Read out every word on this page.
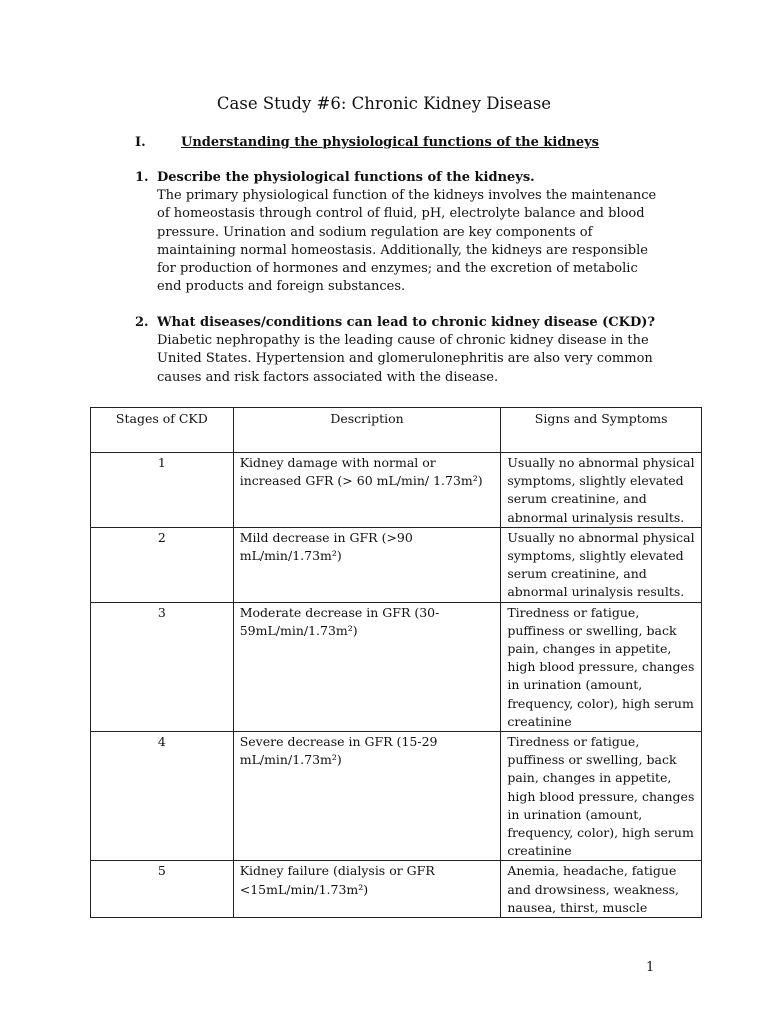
Case Study #6: Chronic Kidney Disease
I.	Understanding the physiological functions of the kidneys
1. Describe the physiological functions of the kidneys.
The primary physiological function of the kidneys involves the maintenance of homeostasis through control of fluid, pH, electrolyte balance and blood pressure. Urination and sodium regulation are key components of maintaining normal homeostasis. Additionally, the kidneys are responsible for production of hormones and enzymes; and the excretion of metabolic end products and foreign substances.
2. What diseases/conditions can lead to chronic kidney disease (CKD)?
Diabetic nephropathy is the leading cause of chronic kidney disease in the United States. Hypertension and glomerulonephritis are also very common causes and risk factors associated with the disease.
Stages of CKD	Description	Signs and Symptoms
1	Kidney damage with normal or increased GFR (> 60 mL/min/ 1.73m²)	Usually no abnormal physical symptoms, slightly elevated serum creatinine, and abnormal urinalysis results.
2	Mild decrease in GFR (>90 mL/min/1.73m²)	Usually no abnormal physical symptoms, slightly elevated serum creatinine, and abnormal urinalysis results.
3	Moderate decrease in GFR (30-59mL/min/1.73m²)	Tiredness or fatigue, puffiness or swelling, back pain, changes in appetite, high blood pressure, changes in urination (amount, frequency, color), high serum creatinine
4	Severe decrease in GFR (15-29 mL/min/1.73m²)	Tiredness or fatigue, puffiness or swelling, back pain, changes in appetite, high blood pressure, changes in urination (amount, frequency, color), high serum creatinine
5	Kidney failure (dialysis or GFR <15mL/min/1.73m²)	Anemia, headache, fatigue and drowsiness, weakness, nausea, thirst, muscle
1
